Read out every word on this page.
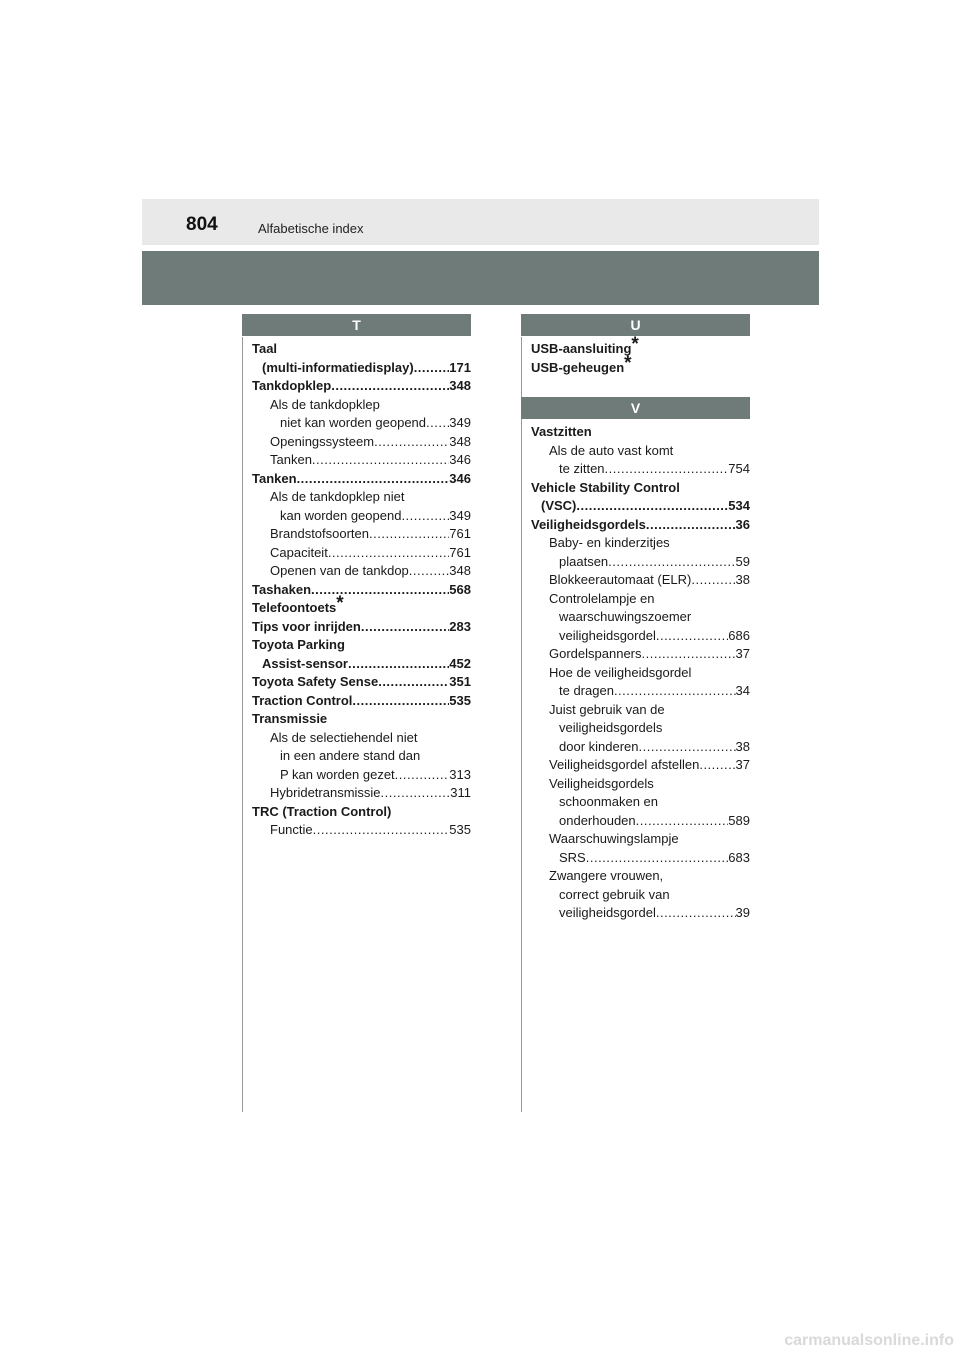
804	Alfabetische index
T
Taal
(multi-informatiedisplay) .....	171
Tankdopklep .....	348
Als de tankdopklep
niet kan worden geopend ..... 349
Openingssysteem .....	348
Tanken .....	346
Tanken .....	346
Als de tankdopklep niet
kan worden geopend .....	349
Brandstofsoorten .....	761
Capaciteit .....	761
Openen van de tankdop .....	348
Tashaken .....	568
Telefoontoets*
Tips voor inrijden .....	283
Toyota Parking
Assist-sensor .....	452
Toyota Safety Sense .....	351
Traction Control .....	535
Transmissie
Als de selectiehendel niet
in een andere stand dan
P kan worden gezet .....	313
Hybridetransmissie .....	311
TRC (Traction Control)
Functie .....	535
U
USB-aansluiting*
USB-geheugen*
V
Vastzitten
Als de auto vast komt
te zitten .....	754
Vehicle Stability Control
(VSC) .....	534
Veiligheidsgordels .....	36
Baby- en kinderzitjes
plaatsen .....	59
Blokkeerautomaat (ELR) .....	38
Controlelampje en
waarschuwingszoemer
veiligheidsgordel .....	686
Gordelspanners .....	37
Hoe de veiligheidsgordel
te dragen .....	34
Juist gebruik van de
veiligheidsgordels
door kinderen .....	38
Veiligheidsgordel afstellen .....	37
Veiligheidsgordels
schoonmaken en
onderhouden .....	589
Waarschuwingslampje
SRS .....	683
Zwangere vrouwen,
correct gebruik van
veiligheidsgordel .....	39
carmanualsonline.info
